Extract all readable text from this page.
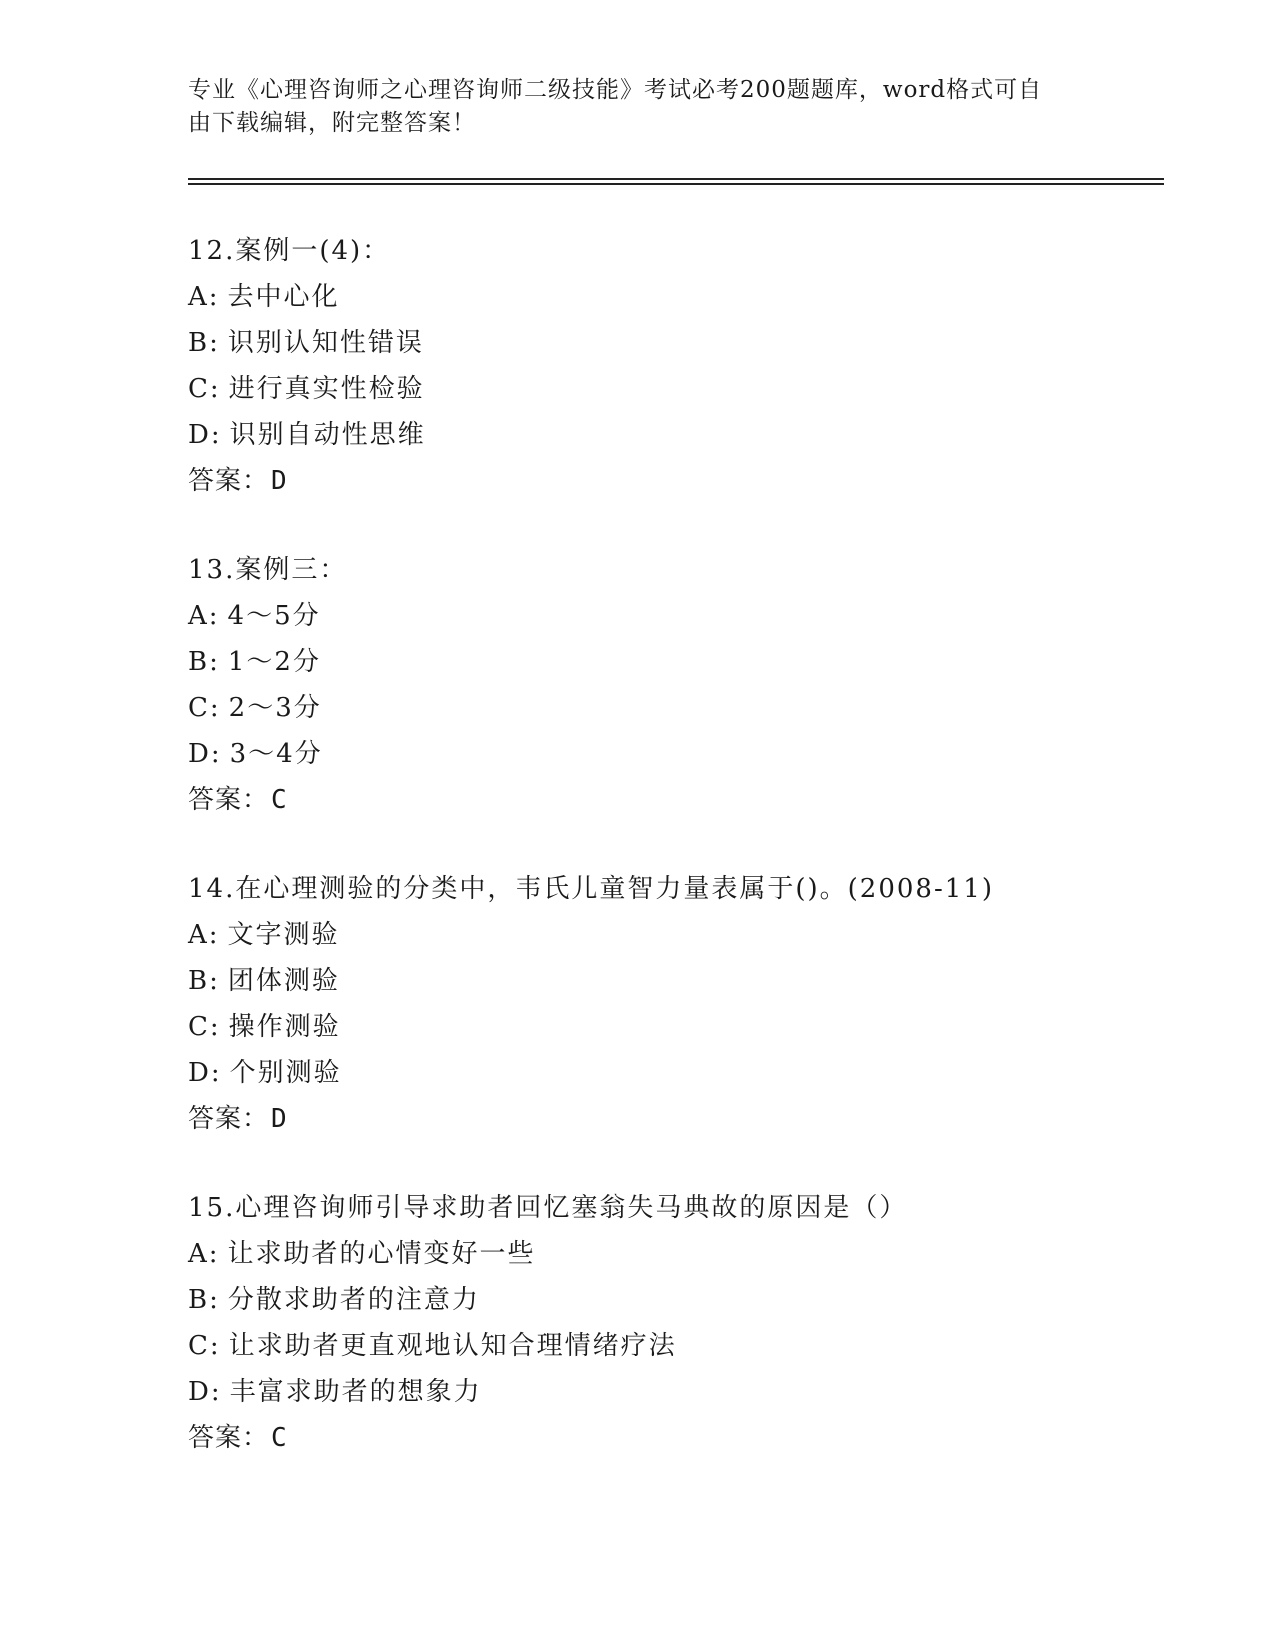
专业《心理咨询师之心理咨询师二级技能》考试必考200题题库，word格式可自
由下载编辑，附完整答案！
12.案例一(4)：
A: 去中心化
B: 识别认知性错误
C: 进行真实性检验
D: 识别自动性思维
答案：D
13.案例三：
A: 4～5分
B: 1～2分
C: 2～3分
D: 3～4分
答案：C
14.在心理测验的分类中，韦氏儿童智力量表属于()。(2008-11)
A: 文字测验
B: 团体测验
C: 操作测验
D: 个别测验
答案：D
15.心理咨询师引导求助者回忆塞翁失马典故的原因是（）
A: 让求助者的心情变好一些
B: 分散求助者的注意力
C: 让求助者更直观地认知合理情绪疗法
D: 丰富求助者的想象力
答案：C
